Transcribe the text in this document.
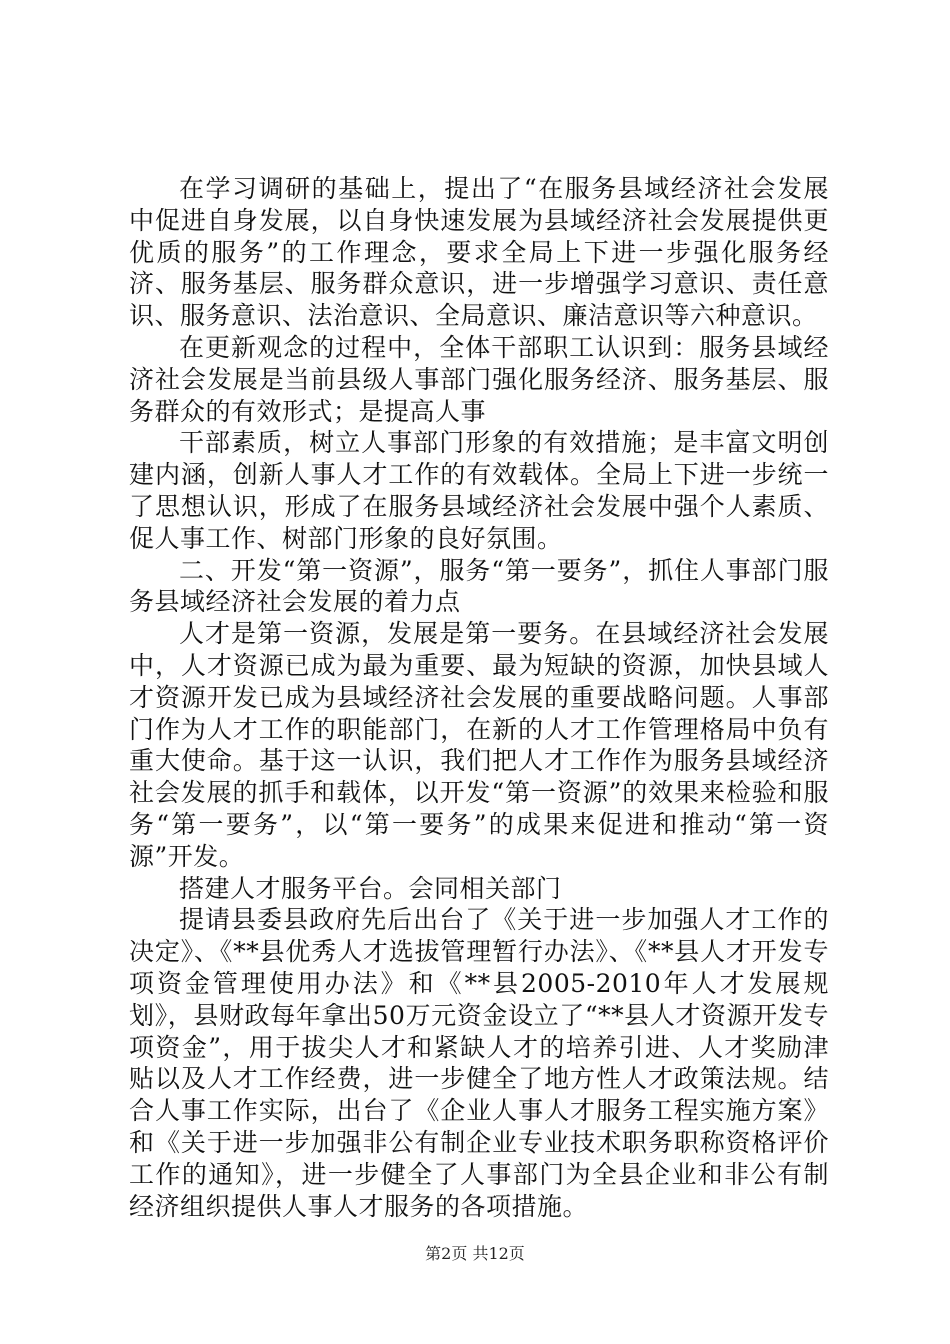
在学习调研的基础上，提出了“在服务县域经济社会发展中促进自身发展，以自身快速发展为县域经济社会发展提供更优质的服务”的工作理念，要求全局上下进一步强化服务经济、服务基层、服务群众意识，进一步增强学习意识、责任意识、服务意识、法治意识、全局意识、廉洁意识等六种意识。

在更新观念的过程中，全体干部职工认识到：服务县域经济社会发展是当前县级人事部门强化服务经济、服务基层、服务群众的有效形式；是提高人事

干部素质，树立人事部门形象的有效措施；是丰富文明创建内涵，创新人事人才工作的有效载体。全局上下进一步统一了思想认识，形成了在服务县域经济社会发展中强个人素质、促人事工作、树部门形象的良好氛围。

二、开发“第一资源”，服务“第一要务”，抓住人事部门服务县域经济社会发展的着力点

人才是第一资源，发展是第一要务。在县域经济社会发展中，人才资源已成为最为重要、最为短缺的资源，加快县域人才资源开发已成为县域经济社会发展的重要战略问题。人事部门作为人才工作的职能部门，在新的人才工作管理格局中负有重大使命。基于这一认识，我们把人才工作作为服务县域经济社会发展的抓手和载体，以开发“第一资源”的效果来检验和服务“第一要务”，以“第一要务”的成果来促进和推动“第一资源”开发。

搭建人才服务平台。会同相关部门

提请县委县政府先后出台了《关于进一步加强人才工作的决定》、《**县优秀人才选拔管理暂行办法》、《**县人才开发专项资金管理使用办法》和《**县2005-2010年人才发展规划》，县财政每年拿出50万元资金设立了“**县人才资源开发专项资金”，用于拔尖人才和紧缺人才的培养引进、人才奖励津贴以及人才工作经费，进一步健全了地方性人才政策法规。结合人事工作实际，出台了《企业人事人才服务工程实施方案》和《关于进一步加强非公有制企业专业技术职务职称资格评价工作的通知》，进一步健全了人事部门为全县企业和非公有制经济组织提供人事人才服务的各项措施。

第2页 共12页
